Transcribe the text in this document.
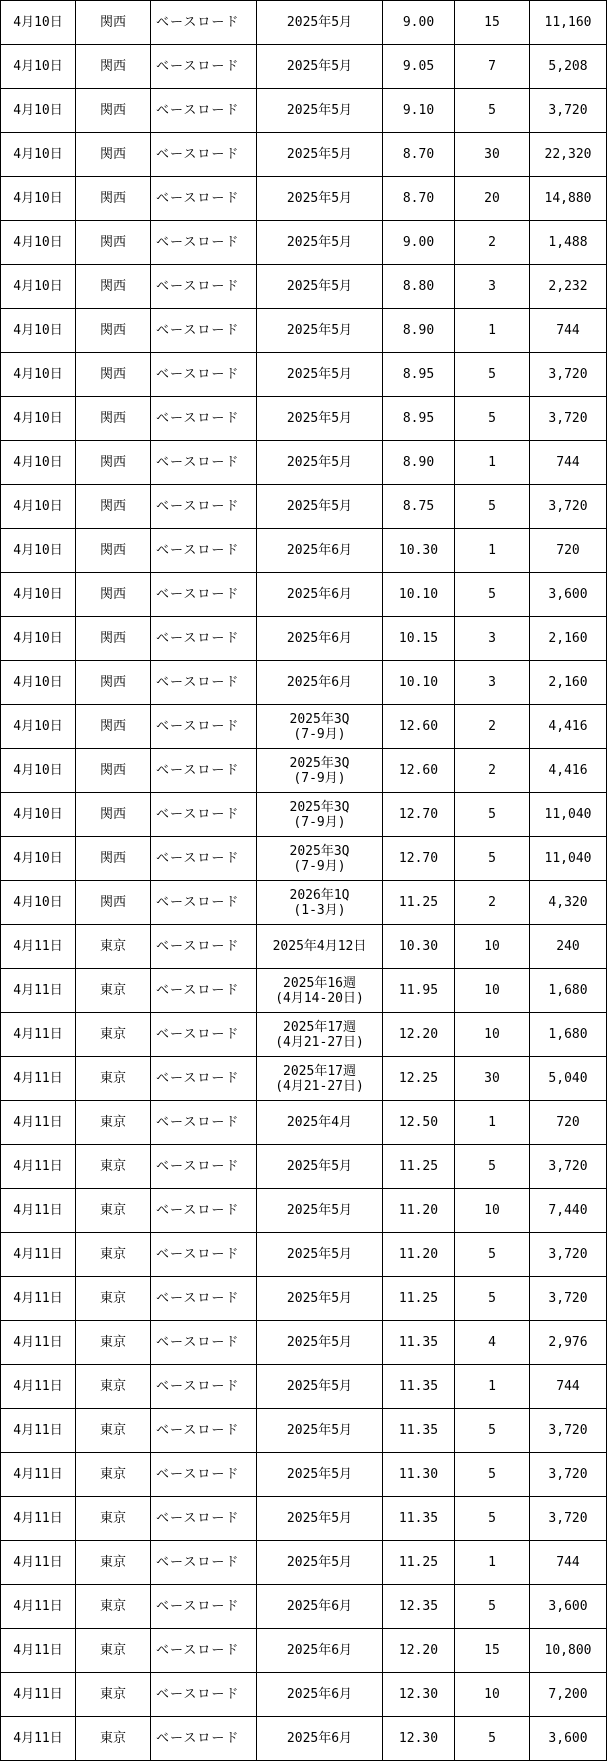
4月10日	関西	ベースロード	2025年5月	9.00	15	11,160
4月10日	関西	ベースロード	2025年5月	9.05	7	5,208
4月10日	関西	ベースロード	2025年5月	9.10	5	3,720
4月10日	関西	ベースロード	2025年5月	8.70	30	22,320
4月10日	関西	ベースロード	2025年5月	8.70	20	14,880
4月10日	関西	ベースロード	2025年5月	9.00	2	1,488
4月10日	関西	ベースロード	2025年5月	8.80	3	2,232
4月10日	関西	ベースロード	2025年5月	8.90	1	744
4月10日	関西	ベースロード	2025年5月	8.95	5	3,720
4月10日	関西	ベースロード	2025年5月	8.95	5	3,720
4月10日	関西	ベースロード	2025年5月	8.90	1	744
4月10日	関西	ベースロード	2025年5月	8.75	5	3,720
4月10日	関西	ベースロード	2025年6月	10.30	1	720
4月10日	関西	ベースロード	2025年6月	10.10	5	3,600
4月10日	関西	ベースロード	2025年6月	10.15	3	2,160
4月10日	関西	ベースロード	2025年6月	10.10	3	2,160
4月10日	関西	ベースロード	2025年3Q
(7-9月)	12.60	2	4,416
4月10日	関西	ベースロード	2025年3Q
(7-9月)	12.60	2	4,416
4月10日	関西	ベースロード	2025年3Q
(7-9月)	12.70	5	11,040
4月10日	関西	ベースロード	2025年3Q
(7-9月)	12.70	5	11,040
4月10日	関西	ベースロード	2026年1Q
(1-3月)	11.25	2	4,320
4月11日	東京	ベースロード	2025年4月12日	10.30	10	240
4月11日	東京	ベースロード	2025年16週
(4月14-20日)	11.95	10	1,680
4月11日	東京	ベースロード	2025年17週
(4月21-27日)	12.20	10	1,680
4月11日	東京	ベースロード	2025年17週
(4月21-27日)	12.25	30	5,040
4月11日	東京	ベースロード	2025年4月	12.50	1	720
4月11日	東京	ベースロード	2025年5月	11.25	5	3,720
4月11日	東京	ベースロード	2025年5月	11.20	10	7,440
4月11日	東京	ベースロード	2025年5月	11.20	5	3,720
4月11日	東京	ベースロード	2025年5月	11.25	5	3,720
4月11日	東京	ベースロード	2025年5月	11.35	4	2,976
4月11日	東京	ベースロード	2025年5月	11.35	1	744
4月11日	東京	ベースロード	2025年5月	11.35	5	3,720
4月11日	東京	ベースロード	2025年5月	11.30	5	3,720
4月11日	東京	ベースロード	2025年5月	11.35	5	3,720
4月11日	東京	ベースロード	2025年5月	11.25	1	744
4月11日	東京	ベースロード	2025年6月	12.35	5	3,600
4月11日	東京	ベースロード	2025年6月	12.20	15	10,800
4月11日	東京	ベースロード	2025年6月	12.30	10	7,200
4月11日	東京	ベースロード	2025年6月	12.30	5	3,600
